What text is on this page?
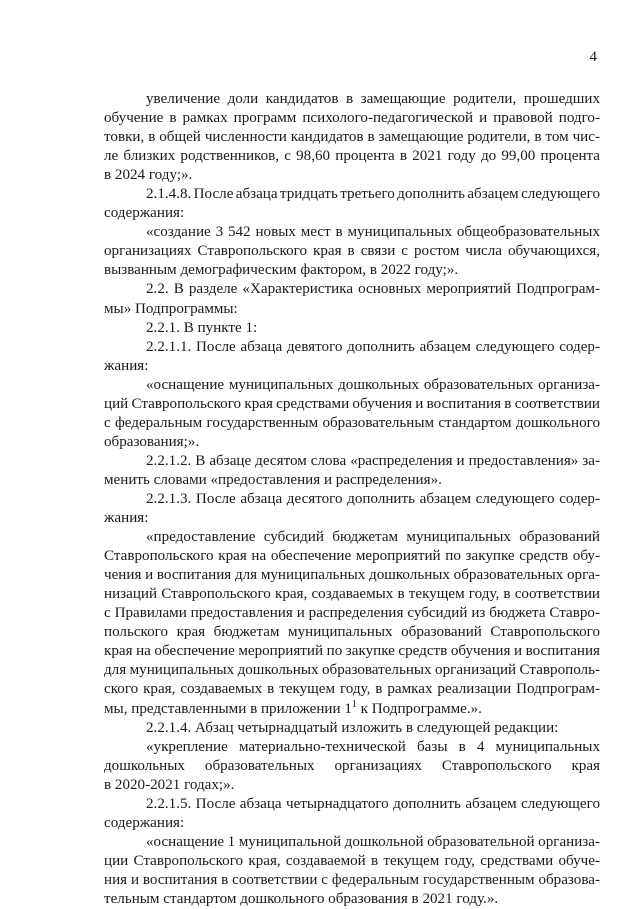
4
увеличение доли кандидатов в замещающие родители, прошедших
обучение в рамках программ психолого-педагогической и правовой подго-
товки, в общей численности кандидатов в замещающие родители, в том чис-
ле близких родственников, с 98,60 процента в 2021 году до 99,00 процента
в 2024 году;».
2.1.4.8. После абзаца тридцать третьего дополнить абзацем следующего
содержания:
«создание 3 542 новых мест в муниципальных общеобразовательных
организациях Ставропольского края в связи с ростом числа обучающихся,
вызванным демографическим фактором, в 2022 году;».
2.2. В разделе «Характеристика основных мероприятий Подпрограм-
мы» Подпрограммы:
2.2.1. В пункте 1:
2.2.1.1. После абзаца девятого дополнить абзацем следующего содер-
жания:
«оснащение муниципальных дошкольных образовательных организа-
ций Ставропольского края средствами обучения и воспитания в соответствии
с федеральным государственным образовательным стандартом дошкольного
образования;».
2.2.1.2. В абзаце десятом слова «распределения и предоставления» за-
менить словами «предоставления и распределения».
2.2.1.3. После абзаца десятого дополнить абзацем следующего содер-
жания:
«предоставление субсидий бюджетам муниципальных образований
Ставропольского края на обеспечение мероприятий по закупке средств обу-
чения и воспитания для муниципальных дошкольных образовательных орга-
низаций Ставропольского края, создаваемых в текущем году, в соответствии
с Правилами предоставления и распределения субсидий из бюджета Ставро-
польского края бюджетам муниципальных образований Ставропольского
края на обеспечение мероприятий по закупке средств обучения и воспитания
для муниципальных дошкольных образовательных организаций Ставрополь-
ского края, создаваемых в текущем году, в рамках реализации Подпрограм-
мы, представленными в приложении $1^1$ к Подпрограмме.».
2.2.1.4. Абзац четырнадцатый изложить в следующей редакции:
«укрепление материально-технической базы в 4 муниципальных
дошкольных образовательных организациях Ставропольского края
в 2020-2021 годах;».
2.2.1.5. После абзаца четырнадцатого дополнить абзацем следующего
содержания:
«оснащение 1 муниципальной дошкольной образовательной организа-
ции Ставропольского края, создаваемой в текущем году, средствами обуче-
ния и воспитания в соответствии с федеральным государственным образова-
тельным стандартом дошкольного образования в 2021 году.».
